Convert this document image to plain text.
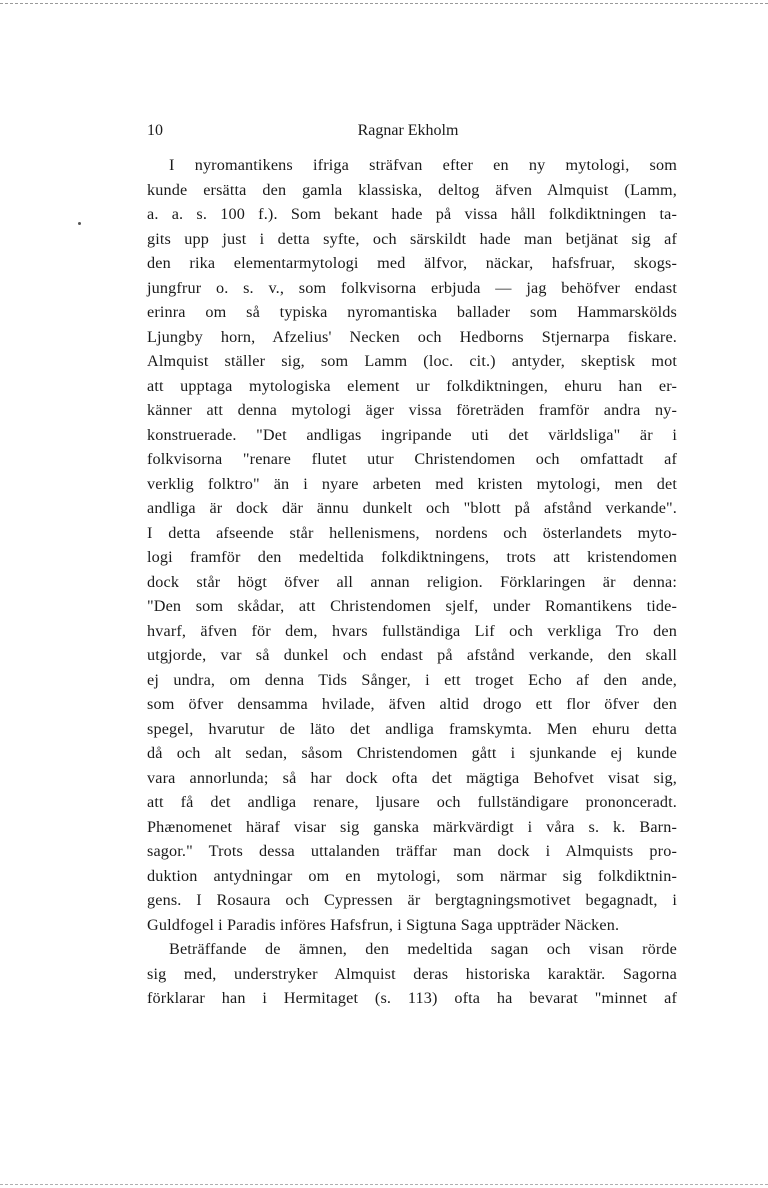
10	Ragnar Ekholm
I nyromantikens ifriga sträfvan efter en ny mytologi, som
kunde ersätta den gamla klassiska, deltog äfven Almquist (Lamm,
a. a. s. 100 f.). Som bekant hade på vissa håll folkdiktningen ta-
gits upp just i detta syfte, och särskildt hade man betjänat sig af
den rika elementarmytologi med älfvor, näckar, hafsfruar, skogs-
jungfrur o. s. v., som folkvisorna erbjuda — jag behöfver endast
erinra om så typiska nyromantiska ballader som Hammarskölds
Ljungby horn, Afzelius' Necken och Hedborns Stjernarpa fiskare.
Almquist ställer sig, som Lamm (loc. cit.) antyder, skeptisk mot
att upptaga mytologiska element ur folkdiktningen, ehuru han er-
känner att denna mytologi äger vissa företräden framför andra ny-
konstruerade. "Det andligas ingripande uti det världsliga" är i
folkvisorna "renare flutet utur Christendomen och omfattadt af
verklig folktro" än i nyare arbeten med kristen mytologi, men det
andliga är dock där ännu dunkelt och "blott på afstånd verkande".
I detta afseende står hellenismens, nordens och österlandets myto-
logi framför den medeltida folkdiktningens, trots att kristendomen
dock står högt öfver all annan religion. Förklaringen är denna:
"Den som skådar, att Christendomen sjelf, under Romantikens tide-
hvarf, äfven för dem, hvars fullständiga Lif och verkliga Tro den
utgjorde, var så dunkel och endast på afstånd verkande, den skall
ej undra, om denna Tids Sånger, i ett troget Echo af den ande,
som öfver densamma hvilade, äfven altid drogo ett flor öfver den
spegel, hvarutur de läto det andliga framskymta. Men ehuru detta
då och alt sedan, såsom Christendomen gått i sjunkande ej kunde
vara annorlunda; så har dock ofta det mägtiga Behofvet visat sig,
att få det andliga renare, ljusare och fullständigare prononceradt.
Phænomenet häraf visar sig ganska märkvärdigt i våra s. k. Barn-
sagor." Trots dessa uttalanden träffar man dock i Almquists pro-
duktion antydningar om en mytologi, som närmar sig folkdiktnin-
gens. I Rosaura och Cypressen är bergtagningsmotivet begagnadt, i
Guldfogel i Paradis införes Hafsfrun, i Sigtuna Saga uppträder Näcken.
Beträffande de ämnen, den medeltida sagan och visan rörde
sig med, understryker Almquist deras historiska karaktär. Sagorna
förklarar han i Hermitaget (s. 113) ofta ha bevarat "minnet af
